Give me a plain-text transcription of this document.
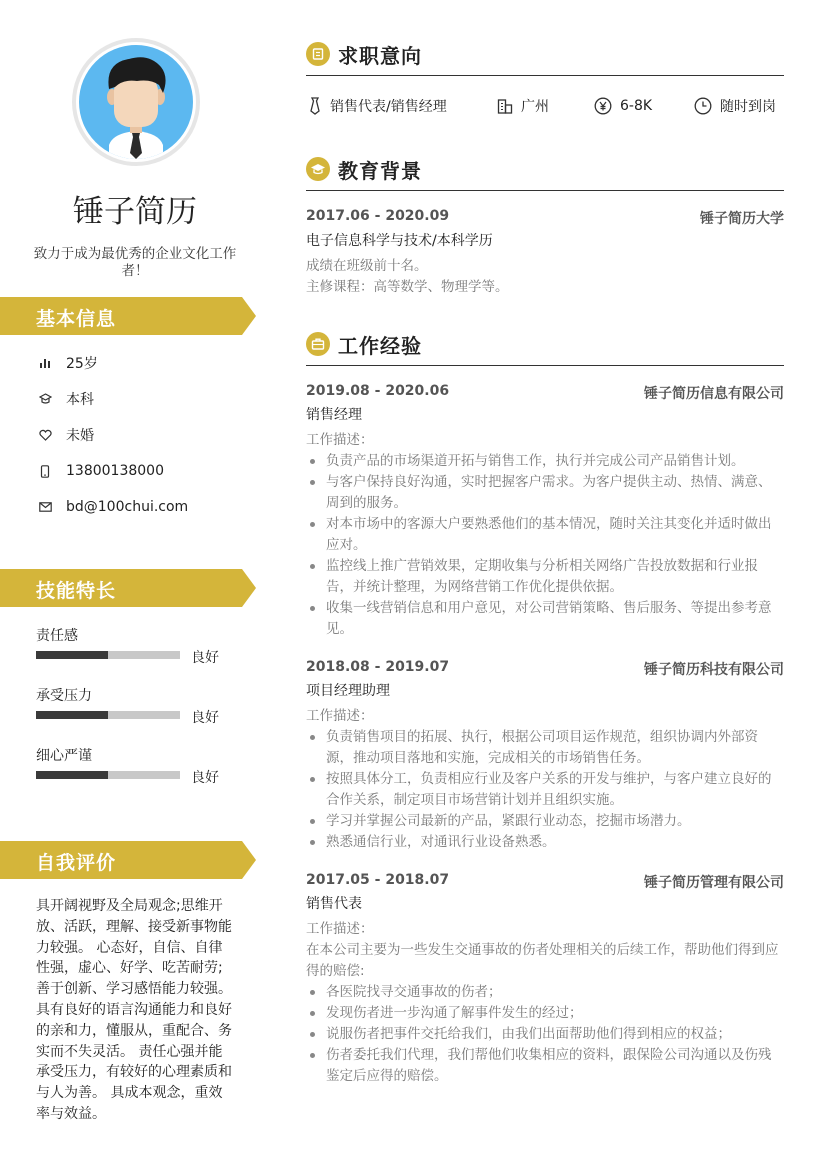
锤子简历
致力于成为最优秀的企业文化工作者！
基本信息
25岁
本科
未婚
13800138000
bd@100chui.com
技能特长
责任感
良好
承受压力
良好
细心严谨
良好
自我评价
具开阔视野及全局观念;思维开放、活跃，理解、接受新事物能力较强。 心态好，自信、自律性强，虚心、好学、吃苦耐劳;善于创新、学习感悟能力较强。具有良好的语言沟通能力和良好的亲和力，懂服从，重配合、务实而不失灵活。 责任心强并能承受压力，有较好的心理素质和与人为善。 具成本观念，重效率与效益。
求职意向
销售代表/销售经理	广州	6-8K	随时到岗
教育背景
2017.06 - 2020.09	锤子简历大学
电子信息科学与技术/本科学历
成绩在班级前十名。
主修课程：高等数学、物理学等。
工作经验
2019.08 - 2020.06	锤子简历信息有限公司
销售经理
工作描述：
负责产品的市场渠道开拓与销售工作，执行并完成公司产品销售计划。
与客户保持良好沟通，实时把握客户需求。为客户提供主动、热情、满意、周到的服务。
对本市场中的客源大户要熟悉他们的基本情况，随时关注其变化并适时做出应对。
监控线上推广营销效果，定期收集与分析相关网络广告投放数据和行业报告，并统计整理，为网络营销工作优化提供依据。
收集一线营销信息和用户意见，对公司营销策略、售后服务、等提出参考意见。
2018.08 - 2019.07	锤子简历科技有限公司
项目经理助理
工作描述：
负责销售项目的拓展、执行，根据公司项目运作规范，组织协调内外部资源，推动项目落地和实施，完成相关的市场销售任务。
按照具体分工，负责相应行业及客户关系的开发与维护，与客户建立良好的合作关系，制定项目市场营销计划并且组织实施。
学习并掌握公司最新的产品，紧跟行业动态，挖掘市场潜力。
熟悉通信行业，对通讯行业设备熟悉。
2017.05 - 2018.07	锤子简历管理有限公司
销售代表
工作描述：
在本公司主要为一些发生交通事故的伤者处理相关的后续工作，帮助他们得到应得的赔偿:
各医院找寻交通事故的伤者；
发现伤者进一步沟通了解事件发生的经过；
说服伤者把事件交托给我们，由我们出面帮助他们得到相应的权益；
伤者委托我们代理，我们帮他们收集相应的资料，跟保险公司沟通以及伤残鉴定后应得的赔偿。
